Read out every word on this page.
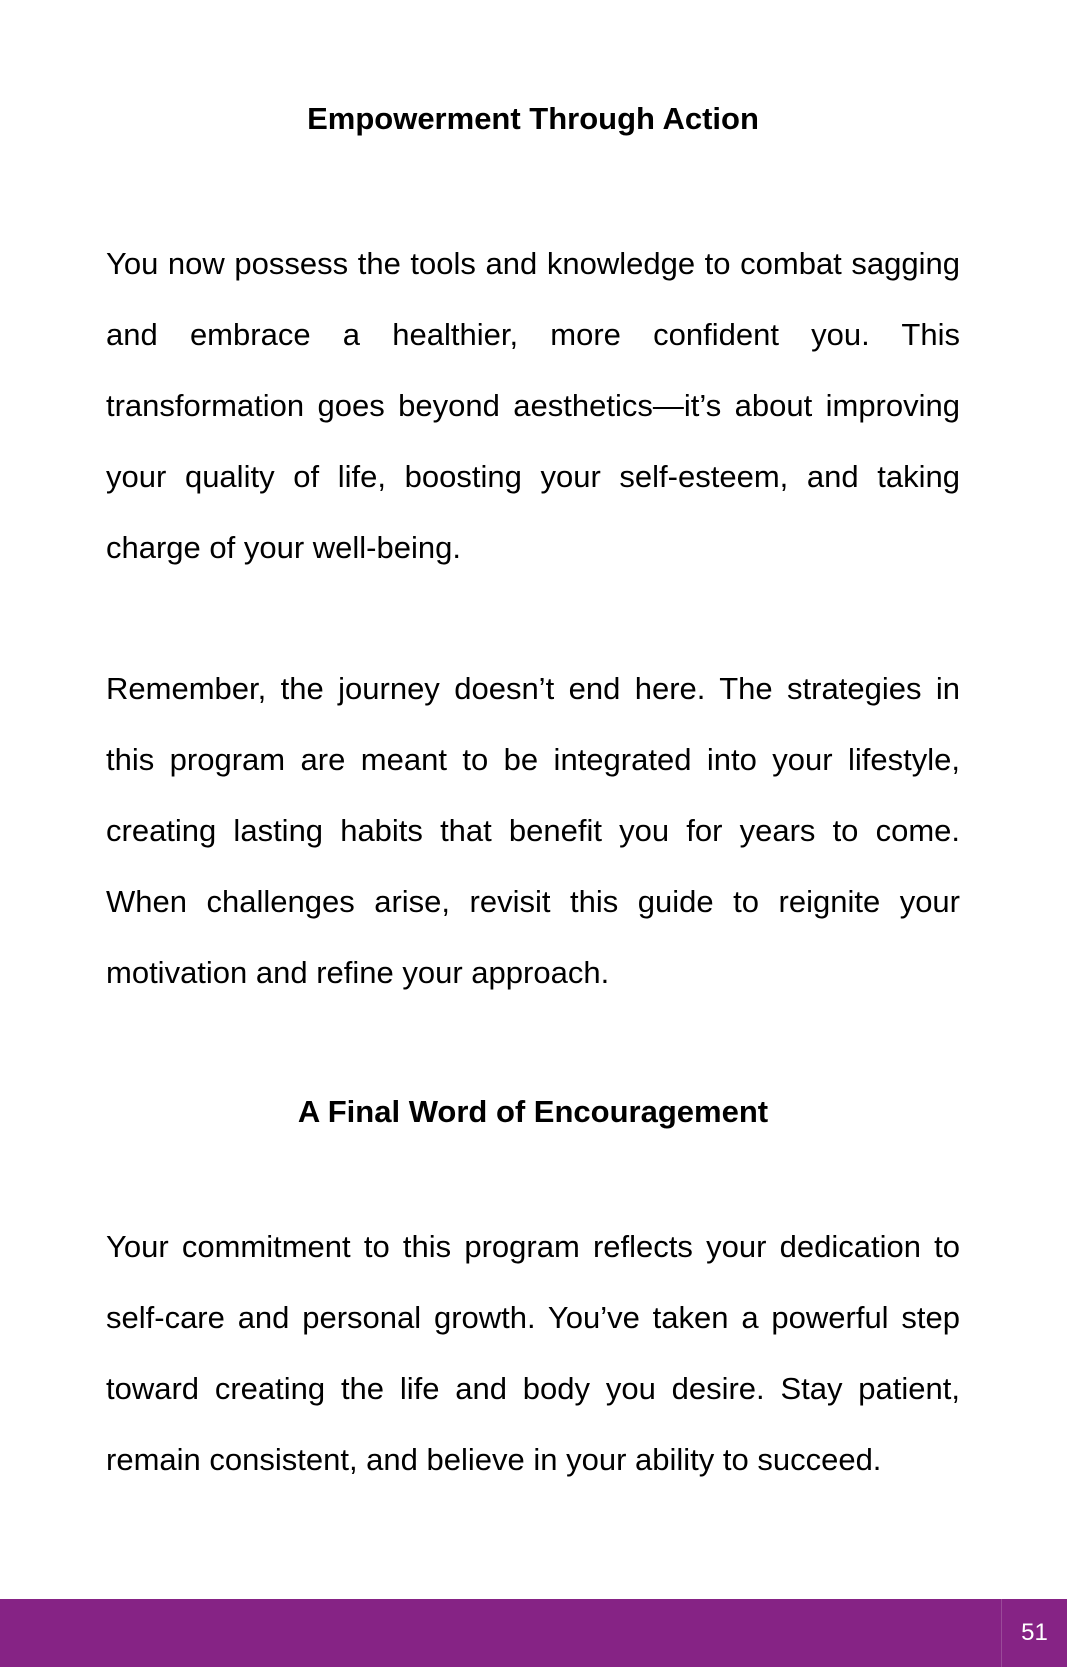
Empowerment Through Action

You now possess the tools and knowledge to combat sagging and embrace a healthier, more confident you. This transformation goes beyond aesthetics—it’s about improving your quality of life, boosting your self-esteem, and taking charge of your well-being.

Remember, the journey doesn’t end here. The strategies in this program are meant to be integrated into your lifestyle, creating lasting habits that benefit you for years to come. When challenges arise, revisit this guide to reignite your motivation and refine your approach.

A Final Word of Encouragement

Your commitment to this program reflects your dedication to self-care and personal growth. You’ve taken a powerful step toward creating the life and body you desire. Stay patient, remain consistent, and believe in your ability to succeed.

51
